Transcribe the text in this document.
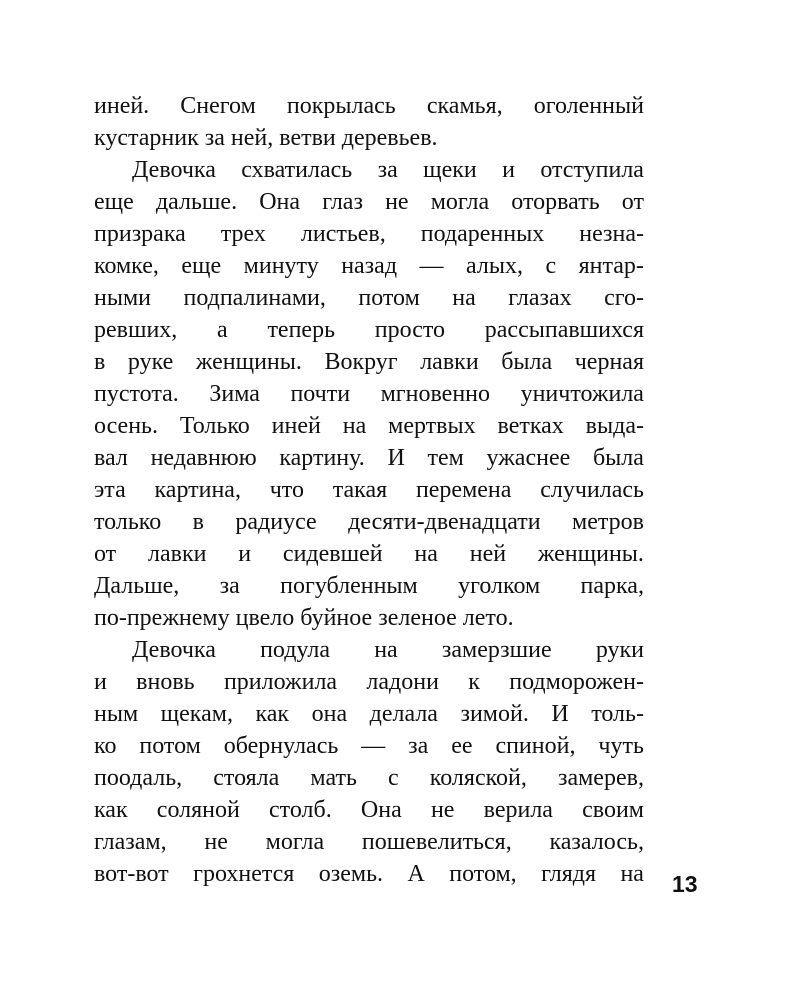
иней. Снегом покрылась скамья, оголенный
кустарник за ней, ветви деревьев.
Девочка схватилась за щеки и отступила
еще дальше. Она глаз не могла оторвать от
призрака трех листьев, подаренных незна-
комке, еще минуту назад — алых, с янтар-
ными подпалинами, потом на глазах сго-
ревших, а теперь просто рассыпавшихся
в руке женщины. Вокруг лавки была черная
пустота. Зима почти мгновенно уничтожила
осень. Только иней на мертвых ветках выда-
вал недавнюю картину. И тем ужаснее была
эта картина, что такая перемена случилась
только в радиусе десяти-двенадцати метров
от лавки и сидевшей на ней женщины.
Дальше, за погубленным уголком парка,
по-прежнему цвело буйное зеленое лето.
Девочка подула на замерзшие руки
и вновь приложила ладони к подморожен-
ным щекам, как она делала зимой. И толь-
ко потом обернулась — за ее спиной, чуть
поодаль, стояла мать с коляской, замерев,
как соляной столб. Она не верила своим
глазам, не могла пошевелиться, казалось,
вот-вот грохнется оземь. А потом, глядя на 13
